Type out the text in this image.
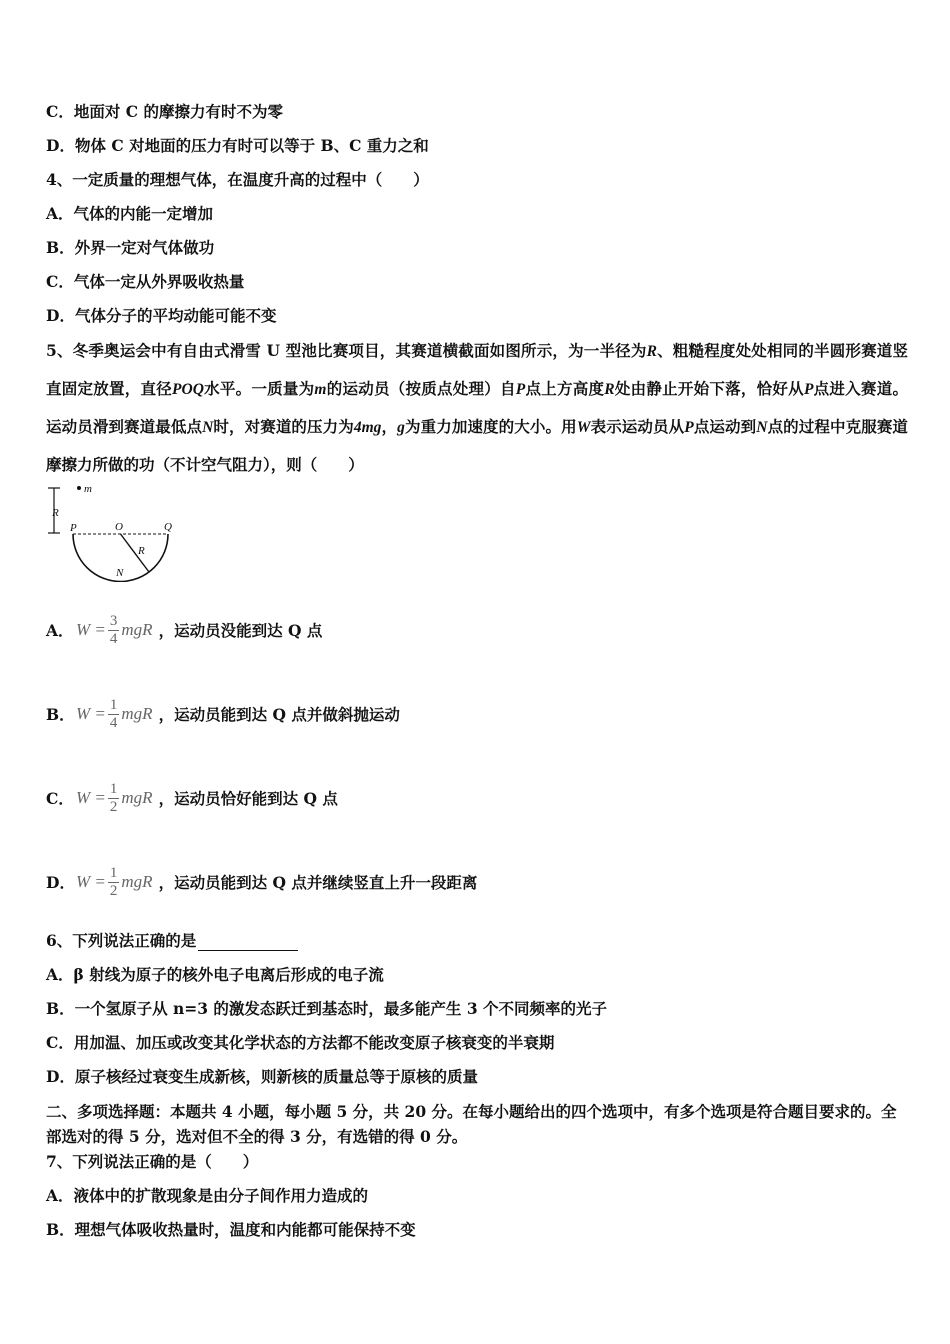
C．地面对 C 的摩擦力有时不为零
D．物体 C 对地面的压力有时可以等于 B、C 重力之和
4、一定质量的理想气体，在温度升高的过程中（　　）
A．气体的内能一定增加
B．外界一定对气体做功
C．气体一定从外界吸收热量
D．气体分子的平均动能可能不变
5、冬季奥运会中有自由式滑雪 U 型池比赛项目，其赛道横截面如图所示，为一半径为R、粗糙程度处处相同的半圆形赛道竖直固定放置，直径POQ水平。一质量为m的运动员（按质点处理）自P点上方高度R处由静止开始下落，恰好从P点进入赛道。运动员滑到赛道最低点N时，对赛道的压力为4mg，g为重力加速度的大小。用W表示运动员从P点运动到N点的过程中克服赛道摩擦力所做的功（不计空气阻力），则（　　）
m
R
P	O	Q
R
N
A． $W = \frac{3}{4}$ mgR ，运动员没能到达 Q 点
B． $W = \frac{1}{4}$ mgR ，运动员能到达 Q 点并做斜抛运动
C． $W = \frac{1}{2}$ mgR ，运动员恰好能到达 Q 点
D． $W = \frac{1}{2}$ mgR ，运动员能到达 Q 点并继续竖直上升一段距离
6、下列说法正确的是
A．β 射线为原子的核外电子电离后形成的电子流
B．一个氢原子从 n=3 的激发态跃迁到基态时，最多能产生 3 个不同频率的光子
C．用加温、加压或改变其化学状态的方法都不能改变原子核衰变的半衰期
D．原子核经过衰变生成新核，则新核的质量总等于原核的质量
二、多项选择题：本题共 4 小题，每小题 5 分，共 20 分。在每小题给出的四个选项中，有多个选项是符合题目要求的。全部选对的得 5 分，选对但不全的得 3 分，有选错的得 0 分。
7、下列说法正确的是（　　）
A．液体中的扩散现象是由分子间作用力造成的
B．理想气体吸收热量时，温度和内能都可能保持不变
